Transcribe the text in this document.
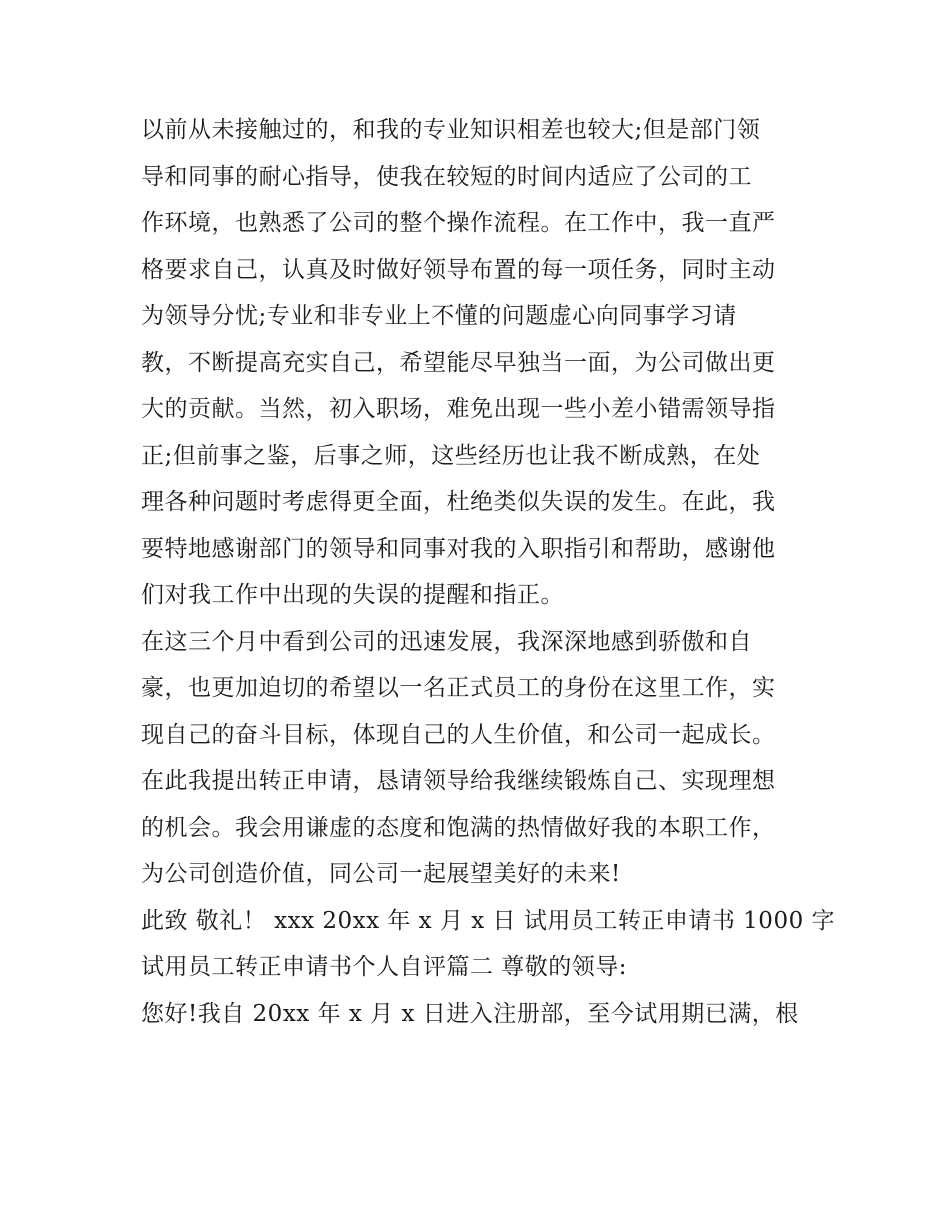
以前从未接触过的，和我的专业知识相差也较大;但是部门领
导和同事的耐心指导，使我在较短的时间内适应了公司的工
作环境，也熟悉了公司的整个操作流程。在工作中，我一直严
格要求自己，认真及时做好领导布置的每一项任务，同时主动
为领导分忧;专业和非专业上不懂的问题虚心向同事学习请
教，不断提高充实自己，希望能尽早独当一面，为公司做出更
大的贡献。当然，初入职场，难免出现一些小差小错需领导指
正;但前事之鉴，后事之师，这些经历也让我不断成熟，在处
理各种问题时考虑得更全面，杜绝类似失误的发生。在此，我
要特地感谢部门的领导和同事对我的入职指引和帮助，感谢他
们对我工作中出现的失误的提醒和指正。
在这三个月中看到公司的迅速发展，我深深地感到骄傲和自
豪，也更加迫切的希望以一名正式员工的身份在这里工作，实
现自己的奋斗目标，体现自己的人生价值，和公司一起成长。
在此我提出转正申请，恳请领导给我继续锻炼自己、实现理想
的机会。我会用谦虚的态度和饱满的热情做好我的本职工作，
为公司创造价值，同公司一起展望美好的未来!
此致 敬礼！ xxx 20xx 年 x 月 x 日 试用员工转正申请书 1000 字
试用员工转正申请书个人自评篇二 尊敬的领导:
您好!我自 20xx 年 x 月 x 日进入注册部，至今试用期已满，根
